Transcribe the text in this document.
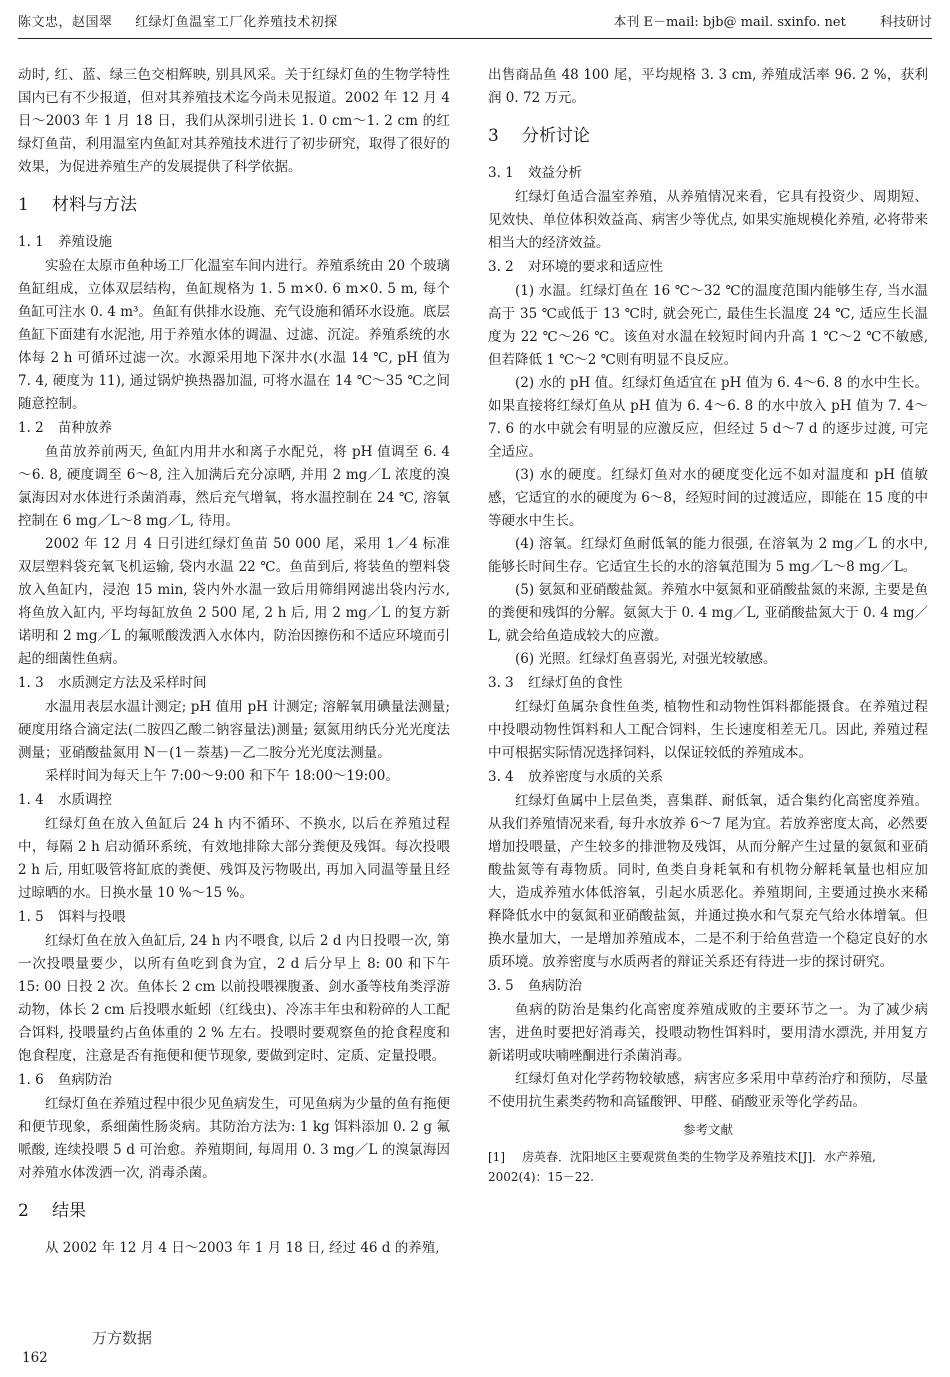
陈文忠，赵国翠 红绿灯鱼温室工厂化养殖技术初探	本刊 E－mail: bjb@ mail. sxinfo. net	科技研讨

动时, 红、蓝、绿三色交相辉映, 别具风采。关于红绿灯鱼的生物学特性国内已有不少报道，但对其养殖技术迄今尚未见报道。2002 年 12 月 4 日～2003 年 1 月 18 日，我们从深圳引进长 1. 0 cm～1. 2 cm 的红绿灯鱼苗，利用温室内鱼缸对其养殖技术进行了初步研究，取得了很好的效果，为促进养殖生产的发展提供了科学依据。

1 材料与方法
1. 1 养殖设施

实验在太原市鱼种场工厂化温室车间内进行。养殖系统由 20 个玻璃鱼缸组成，立体双层结构，鱼缸规格为 1. 5 m×0. 6 m×0. 5 m, 每个鱼缸可注水 0. 4 m³。鱼缸有供排水设施、充气设施和循环水设施。底层鱼缸下面建有水泥池, 用于养殖水体的调温、过滤、沉淀。养殖系统的水体每 2 h 可循环过滤一次。水源采用地下深井水(水温 14 ℃, pH 值为 7. 4, 硬度为 11), 通过锅炉换热器加温, 可将水温在 14 ℃～35 ℃之间随意控制。

1. 2 苗种放养

鱼苗放养前两天, 鱼缸内用井水和离子水配兑，将 pH 值调至 6. 4～6. 8, 硬度调至 6～8, 注入加满后充分凉晒, 并用 2 mg／L 浓度的溴氯海因对水体进行杀菌消毒，然后充气增氧，将水温控制在 24 ℃, 溶氧控制在 6 mg／L～8 mg／L, 待用。

2002 年 12 月 4 日引进红绿灯鱼苗 50 000 尾，采用 1／4 标准双层塑料袋充氧飞机运输, 袋内水温 22 ℃。鱼苗到后, 将装鱼的塑料袋放入鱼缸内，浸泡 15 min, 袋内外水温一致后用筛绢网滤出袋内污水, 将鱼放入缸内, 平均每缸放鱼 2 500 尾, 2 h 后, 用 2 mg／L 的复方新诺明和 2 mg／L 的氟哌酸泼洒入水体内，防治因擦伤和不适应环境而引起的细菌性鱼病。

1. 3 水质测定方法及采样时间

水温用表层水温计测定; pH 值用 pH 计测定; 溶解氧用碘量法测量; 硬度用络合滴定法(二胺四乙酸二钠容量法)测量; 氨氮用纳氏分光光度法测量；亚硝酸盐氮用 N－(1－萘基)－乙二胺分光光度法测量。

采样时间为每天上午 7:00～9:00 和下午 18:00～19:00。

1. 4 水质调控

红绿灯鱼在放入鱼缸后 24 h 内不循环、不换水, 以后在养殖过程中，每隔 2 h 启动循环系统，有效地排除大部分粪便及残饵。每次投喂 2 h 后, 用虹吸管将缸底的粪便、残饵及污物吸出, 再加入同温等量且经过晾晒的水。日换水量 10 %～15 %。

1. 5 饵料与投喂

红绿灯鱼在放入鱼缸后, 24 h 内不喂食, 以后 2 d 内日投喂一次, 第一次投喂量要少，以所有鱼吃到食为宜，2 d 后分早上 8: 00 和下午 15: 00 日投 2 次。鱼体长 2 cm 以前投喂裸腹蚤、剑水蚤等枝角类浮游动物，体长 2 cm 后投喂水蚯蚓（红线虫)、冷冻丰年虫和粉碎的人工配合饵料, 投喂量约占鱼体重的 2 % 左右。投喂时要观察鱼的抢食程度和饱食程度，注意是否有拖便和便节现象, 要做到定时、定质、定量投喂。

1. 6 鱼病防治

红绿灯鱼在养殖过程中很少见鱼病发生，可见鱼病为少量的鱼有拖便和便节现象，系细菌性肠炎病。其防治方法为: 1 kg 饵料添加 0. 2 g 氟哌酸, 连续投喂 5 d 可治愈。养殖期间, 每周用 0. 3 mg／L 的溴氯海因对养殖水体泼洒一次, 消毒杀菌。

2 结果

从 2002 年 12 月 4 日～2003 年 1 月 18 日, 经过 46 d 的养殖,

出售商品鱼 48 100 尾，平均规格 3. 3 cm, 养殖成活率 96. 2 %，获利润 0. 72 万元。

3 分析讨论
3. 1 效益分析

红绿灯鱼适合温室养殖，从养殖情况来看，它具有投资少、周期短、见效快、单位体积效益高、病害少等优点, 如果实施规模化养殖, 必将带来相当大的经济效益。

3. 2 对环境的要求和适应性

(1) 水温。红绿灯鱼在 16 ℃～32 ℃的温度范围内能够生存, 当水温高于 35 ℃或低于 13 ℃时, 就会死亡, 最佳生长温度 24 ℃, 适应生长温度为 22 ℃～26 ℃。该鱼对水温在较短时间内升高 1 ℃～2 ℃不敏感, 但若降低 1 ℃～2 ℃则有明显不良反应。

(2) 水的 pH 值。红绿灯鱼适宜在 pH 值为 6. 4～6. 8 的水中生长。如果直接将红绿灯鱼从 pH 值为 6. 4～6. 8 的水中放入 pH 值为 7. 4～7. 6 的水中就会有明显的应激反应，但经过 5 d～7 d 的逐步过渡, 可完全适应。

(3) 水的硬度。红绿灯鱼对水的硬度变化远不如对温度和 pH 值敏感，它适宜的水的硬度为 6～8，经短时间的过渡适应，即能在 15 度的中等硬水中生长。

(4) 溶氧。红绿灯鱼耐低氧的能力很强, 在溶氧为 2 mg／L 的水中, 能够长时间生存。它适宜生长的水的溶氧范围为 5 mg／L～8 mg／L。

(5) 氨氮和亚硝酸盐氮。养殖水中氨氮和亚硝酸盐氮的来源, 主要是鱼的粪便和残饵的分解。氨氮大于 0. 4 mg／L, 亚硝酸盐氮大于 0. 4 mg／L, 就会给鱼造成较大的应激。

(6) 光照。红绿灯鱼喜弱光, 对强光较敏感。

3. 3 红绿灯鱼的食性

红绿灯鱼属杂食性鱼类, 植物性和动物性饵料都能摄食。在养殖过程中投喂动物性饵料和人工配合饲料，生长速度相差无几。因此, 养殖过程中可根据实际情况选择饲料，以保证较低的养殖成本。

3. 4 放养密度与水质的关系

红绿灯鱼属中上层鱼类，喜集群、耐低氧，适合集约化高密度养殖。从我们养殖情况来看, 每升水放养 6～7 尾为宜。若放养密度太高，必然要增加投喂量，产生较多的排泄物及残饵，从而分解产生过量的氨氮和亚硝酸盐氮等有毒物质。同时, 鱼类自身耗氧和有机物分解耗氧量也相应加大，造成养殖水体低溶氧，引起水质恶化。养殖期间, 主要通过换水来稀释降低水中的氨氮和亚硝酸盐氮，并通过换水和气泵充气给水体增氧。但换水量加大，一是增加养殖成本，二是不利于给鱼营造一个稳定良好的水质环境。放养密度与水质两者的辩证关系还有待进一步的探讨研究。

3. 5 鱼病防治

鱼病的防治是集约化高密度养殖成败的主要环节之一。为了减少病害，进鱼时要把好消毒关，投喂动物性饵料时，要用清水漂洗, 并用复方新诺明或呋喃唑酮进行杀菌消毒。

红绿灯鱼对化学药物较敏感，病害应多采用中草药治疗和预防，尽量不使用抗生素类药物和高锰酸钾、甲醛、硝酸亚汞等化学药品。

参考文献
[1] 房英春．沈阳地区主要观赏鱼类的生物学及养殖技术[J]．水产养殖, 2002(4)：15－22.
万方数据
162
